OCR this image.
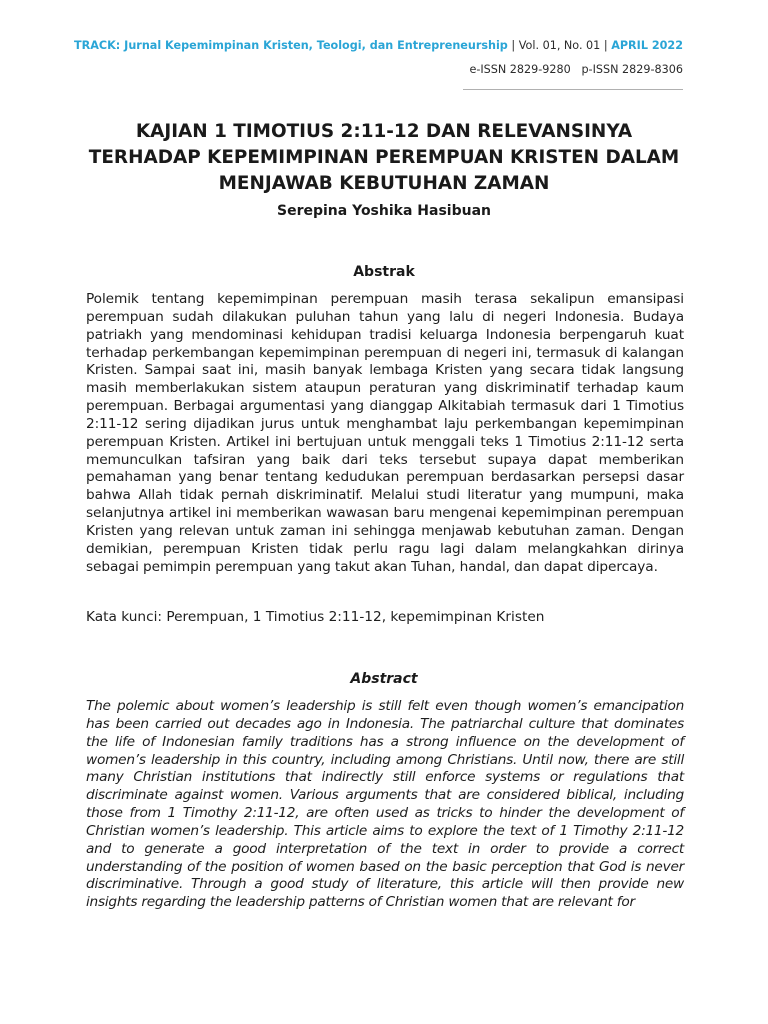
TRACK: Jurnal Kepemimpinan Kristen, Teologi, dan Entrepreneurship | Vol. 01, No. 01 | APRIL 2022
e-ISSN 2829-9280 p-ISSN 2829-8306
KAJIAN 1 TIMOTIUS 2:11-12 DAN RELEVANSINYA TERHADAP KEPEMIMPINAN PEREMPUAN KRISTEN DALAM MENJAWAB KEBUTUHAN ZAMAN
Serepina Yoshika Hasibuan
Abstrak

Polemik tentang kepemimpinan perempuan masih terasa sekalipun emansipasi perempuan sudah dilakukan puluhan tahun yang lalu di negeri Indonesia. Budaya patriakh yang mendominasi kehidupan tradisi keluarga Indonesia berpengaruh kuat terhadap perkembangan kepemimpinan perempuan di negeri ini, termasuk di kalangan Kristen. Sampai saat ini, masih banyak lembaga Kristen yang secara tidak langsung masih memberlakukan sistem ataupun peraturan yang diskriminatif terhadap kaum perempuan. Berbagai argumentasi yang dianggap Alkitabiah termasuk dari 1 Timotius 2:11-12 sering dijadikan jurus untuk menghambat laju perkembangan kepemimpinan perempuan Kristen. Artikel ini bertujuan untuk menggali teks 1 Timotius 2:11-12 serta memunculkan tafsiran yang baik dari teks tersebut supaya dapat memberikan pemahaman yang benar tentang kedudukan perempuan berdasarkan persepsi dasar bahwa Allah tidak pernah diskriminatif. Melalui studi literatur yang mumpuni, maka selanjutnya artikel ini memberikan wawasan baru mengenai kepemimpinan perempuan Kristen yang relevan untuk zaman ini sehingga menjawab kebutuhan zaman. Dengan demikian, perempuan Kristen tidak perlu ragu lagi dalam melangkahkan dirinya sebagai pemimpin perempuan yang takut akan Tuhan, handal, dan dapat dipercaya.

Kata kunci: Perempuan, 1 Timotius 2:11-12, kepemimpinan Kristen
Abstract

The polemic about women’s leadership is still felt even though women’s emancipation has been carried out decades ago in Indonesia. The patriarchal culture that dominates the life of Indonesian family traditions has a strong influence on the development of women’s leadership in this country, including among Christians. Until now, there are still many Christian institutions that indirectly still enforce systems or regulations that discriminate against women. Various arguments that are considered biblical, including those from 1 Timothy 2:11-12, are often used as tricks to hinder the development of Christian women’s leadership. This article aims to explore the text of 1 Timothy 2:11-12 and to generate a good interpretation of the text in order to provide a correct understanding of the position of women based on the basic perception that God is never discriminative. Through a good study of literature, this article will then provide new insights regarding the leadership patterns of Christian women that are relevant for
